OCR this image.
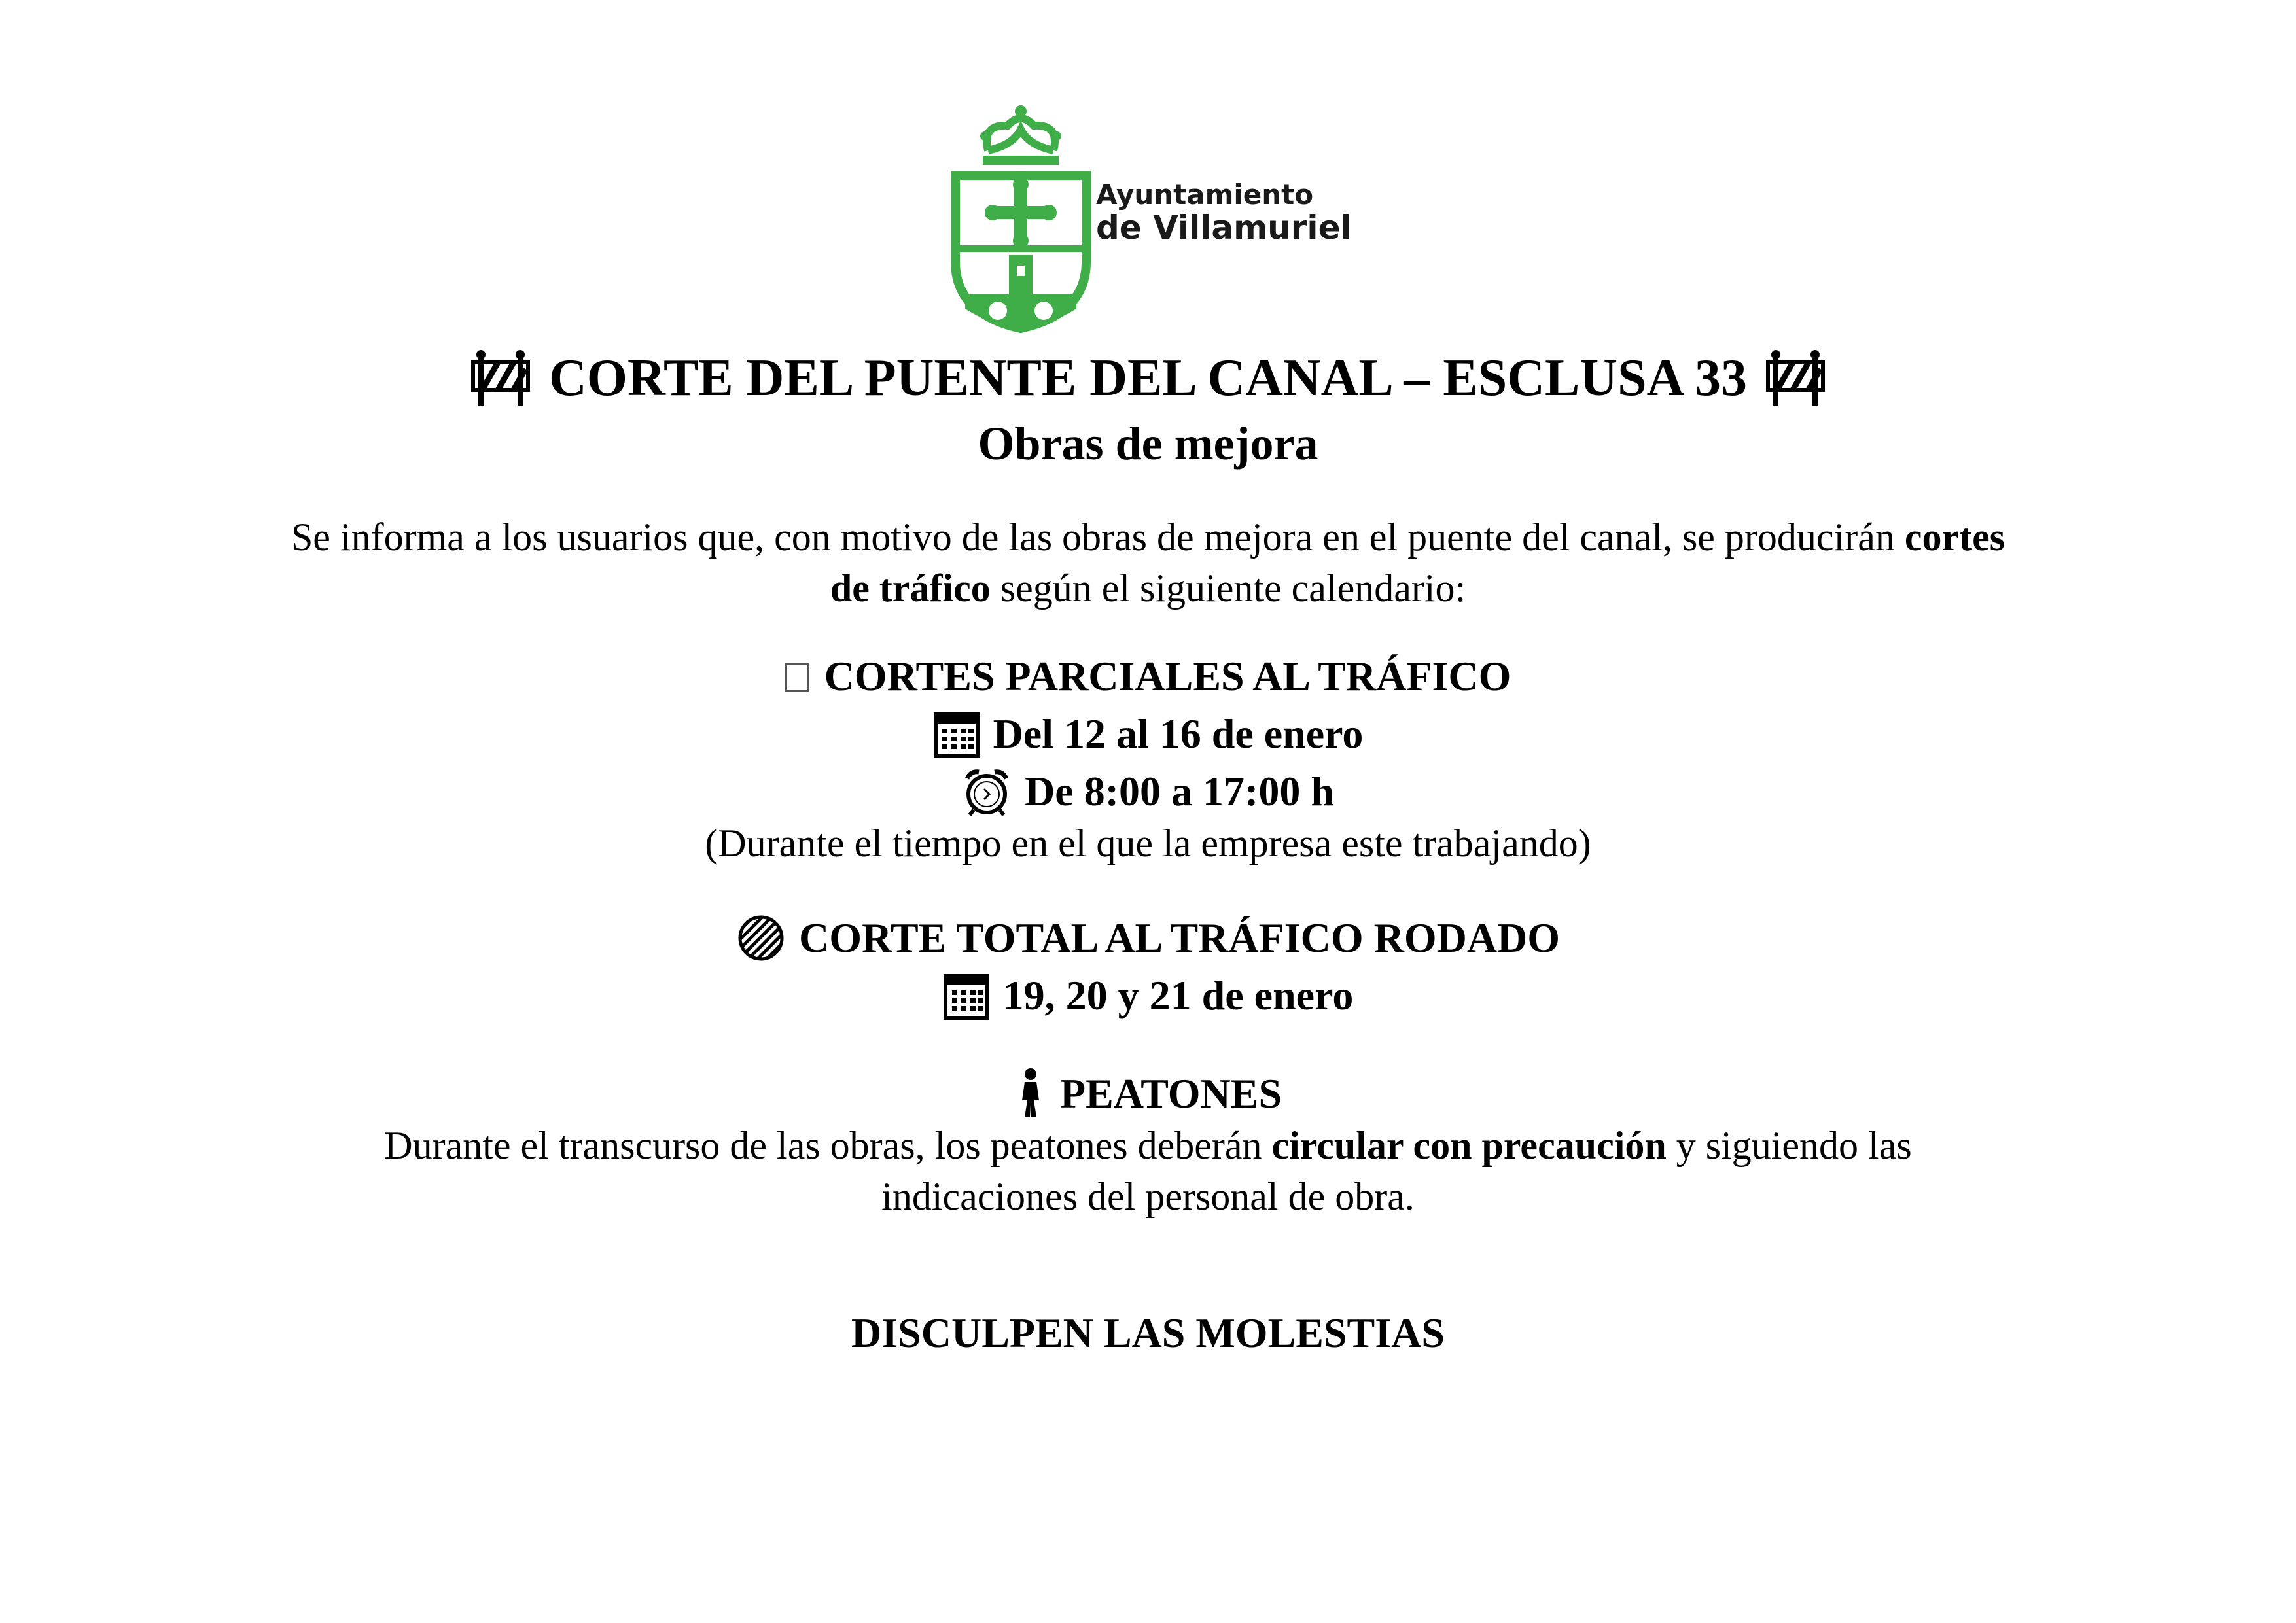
Ayuntamiento
de Villamuriel
CORTE DEL PUENTE DEL CANAL – ESCLUSA 33
Obras de mejora
Se informa a los usuarios que, con motivo de las obras de mejora en el puente del canal, se producirán cortes
de tráfico según el siguiente calendario:
CORTES PARCIALES AL TRÁFICO
Del 12 al 16 de enero
De 8:00 a 17:00 h
(Durante el tiempo en el que la empresa este trabajando)
CORTE TOTAL AL TRÁFICO RODADO
19, 20 y 21 de enero
PEATONES
Durante el transcurso de las obras, los peatones deberán circular con precaución y siguiendo las
indicaciones del personal de obra.
DISCULPEN LAS MOLESTIAS
